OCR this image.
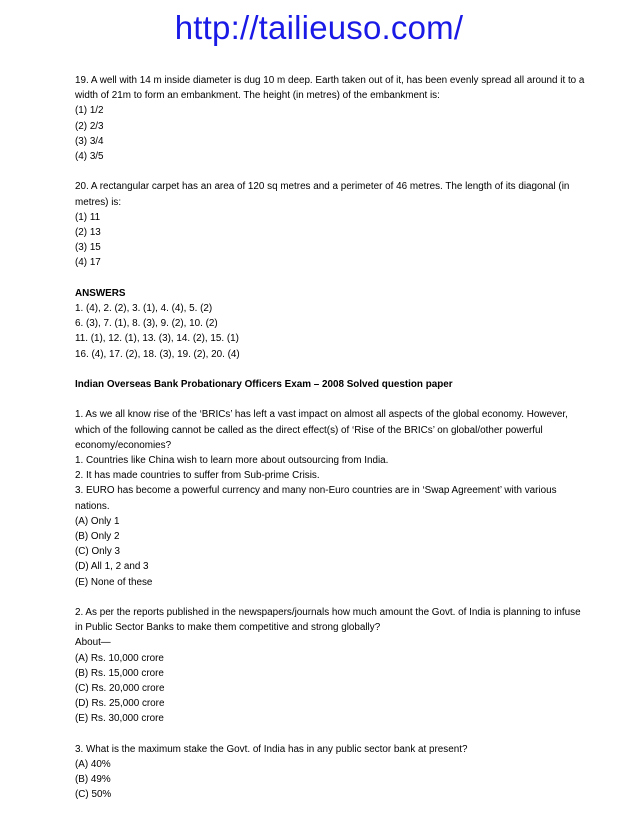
http://tailieuso.com/
19. A well with 14 m inside diameter is dug 10 m deep. Earth taken out of it, has been evenly spread all around it to a width of 21m to form an embankment. The height (in metres) of the embankment is:
(1) 1/2
(2) 2/3
(3) 3/4
(4) 3/5
20. A rectangular carpet has an area of 120 sq metres and a perimeter of 46 metres. The length of its diagonal (in metres) is:
(1) 11
(2) 13
(3) 15
(4) 17
ANSWERS
1. (4), 2. (2), 3. (1), 4. (4), 5. (2)
6. (3), 7. (1), 8. (3), 9. (2), 10. (2)
11. (1), 12. (1), 13. (3), 14. (2), 15. (1)
16. (4), 17. (2), 18. (3), 19. (2), 20. (4)
Indian Overseas Bank Probationary Officers Exam – 2008 Solved question paper
1. As we all know rise of the ‘BRICs’ has left a vast impact on almost all aspects of the global economy. However, which of the following cannot be called as the direct effect(s) of ‘Rise of the BRICs’ on global/other powerful economy/economies?
1. Countries like China wish to learn more about outsourcing from India.
2. It has made countries to suffer from Sub-prime Crisis.
3. EURO has become a powerful currency and many non-Euro countries are in ‘Swap Agreement’ with various nations.
(A) Only 1
(B) Only 2
(C) Only 3
(D) All 1, 2 and 3
(E) None of these
2. As per the reports published in the newspapers/journals how much amount the Govt. of India is planning to infuse in Public Sector Banks to make them competitive and strong globally?
About—
(A) Rs. 10,000 crore
(B) Rs. 15,000 crore
(C) Rs. 20,000 crore
(D) Rs. 25,000 crore
(E) Rs. 30,000 crore
3. What is the maximum stake the Govt. of India has in any public sector bank at present?
(A) 40%
(B) 49%
(C) 50%
